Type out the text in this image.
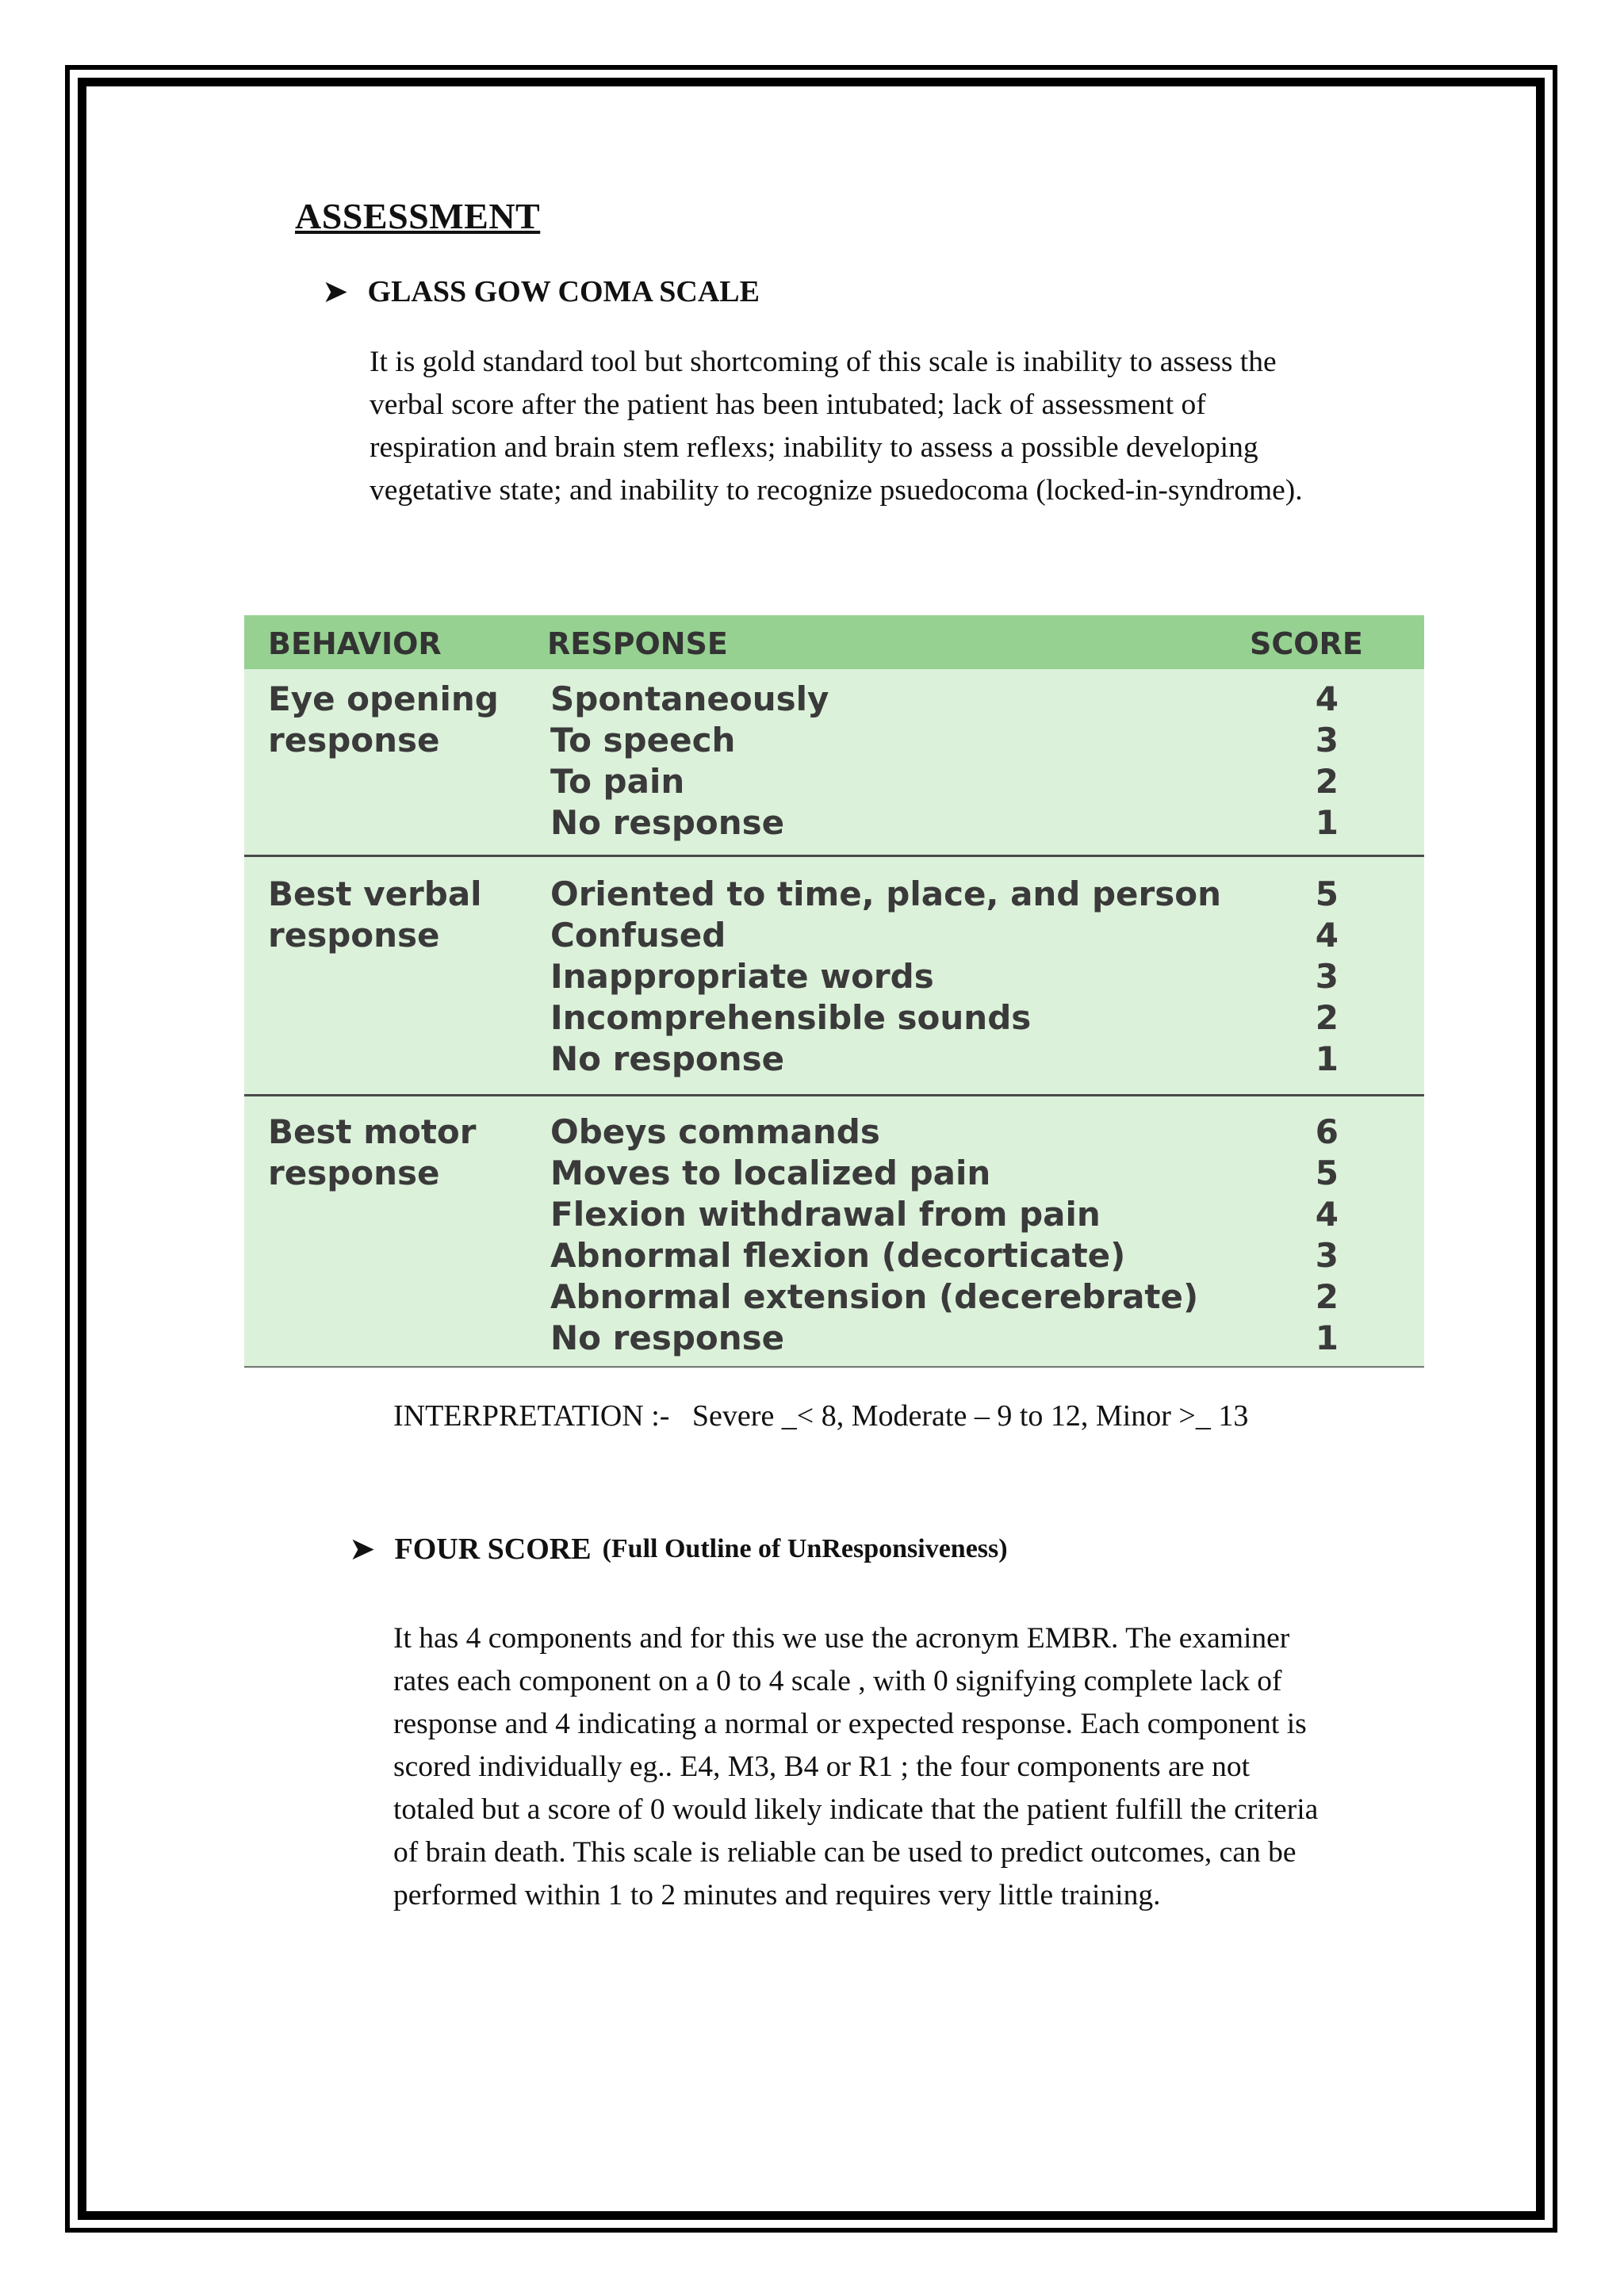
ASSESSMENT
➤ GLASS GOW COMA SCALE

It is gold standard tool but shortcoming of this scale is inability to assess the

verbal score after the patient has been intubated; lack of assessment of

respiration and brain stem reflexs; inability to assess a possible developing

vegetative state; and inability to recognize psuedocoma (locked-in-syndrome).

BEHAVIOR	RESPONSE	SCORE
Eye opening
response
Spontaneously
To speech
To pain
No response
4
3
2
1
Best verbal
response
Oriented to time, place, and person
Confused
Inappropriate words
Incomprehensible sounds
No response
5
4
3
2
1
Best motor
response
Obeys commands
Moves to localized pain
Flexion withdrawal from pain
Abnormal flexion (decorticate)
Abnormal extension (decerebrate)
No response
6
5
4
3
2
1
INTERPRETATION :-   Severe _< 8, Moderate – 9 to 12, Minor >_ 13
➤ FOUR SCORE (Full Outline of UnResponsiveness)

It has 4 components and for this we use the acronym EMBR. The examiner

rates each component on a 0 to 4 scale , with 0 signifying complete lack of

response and 4 indicating a normal or expected response. Each component is

scored individually eg.. E4, M3, B4 or R1 ; the four components are not

totaled but a score of 0 would likely indicate that the patient fulfill the criteria

of brain death. This scale is reliable can be used to predict outcomes, can be

performed within 1 to 2 minutes and requires very little training.
